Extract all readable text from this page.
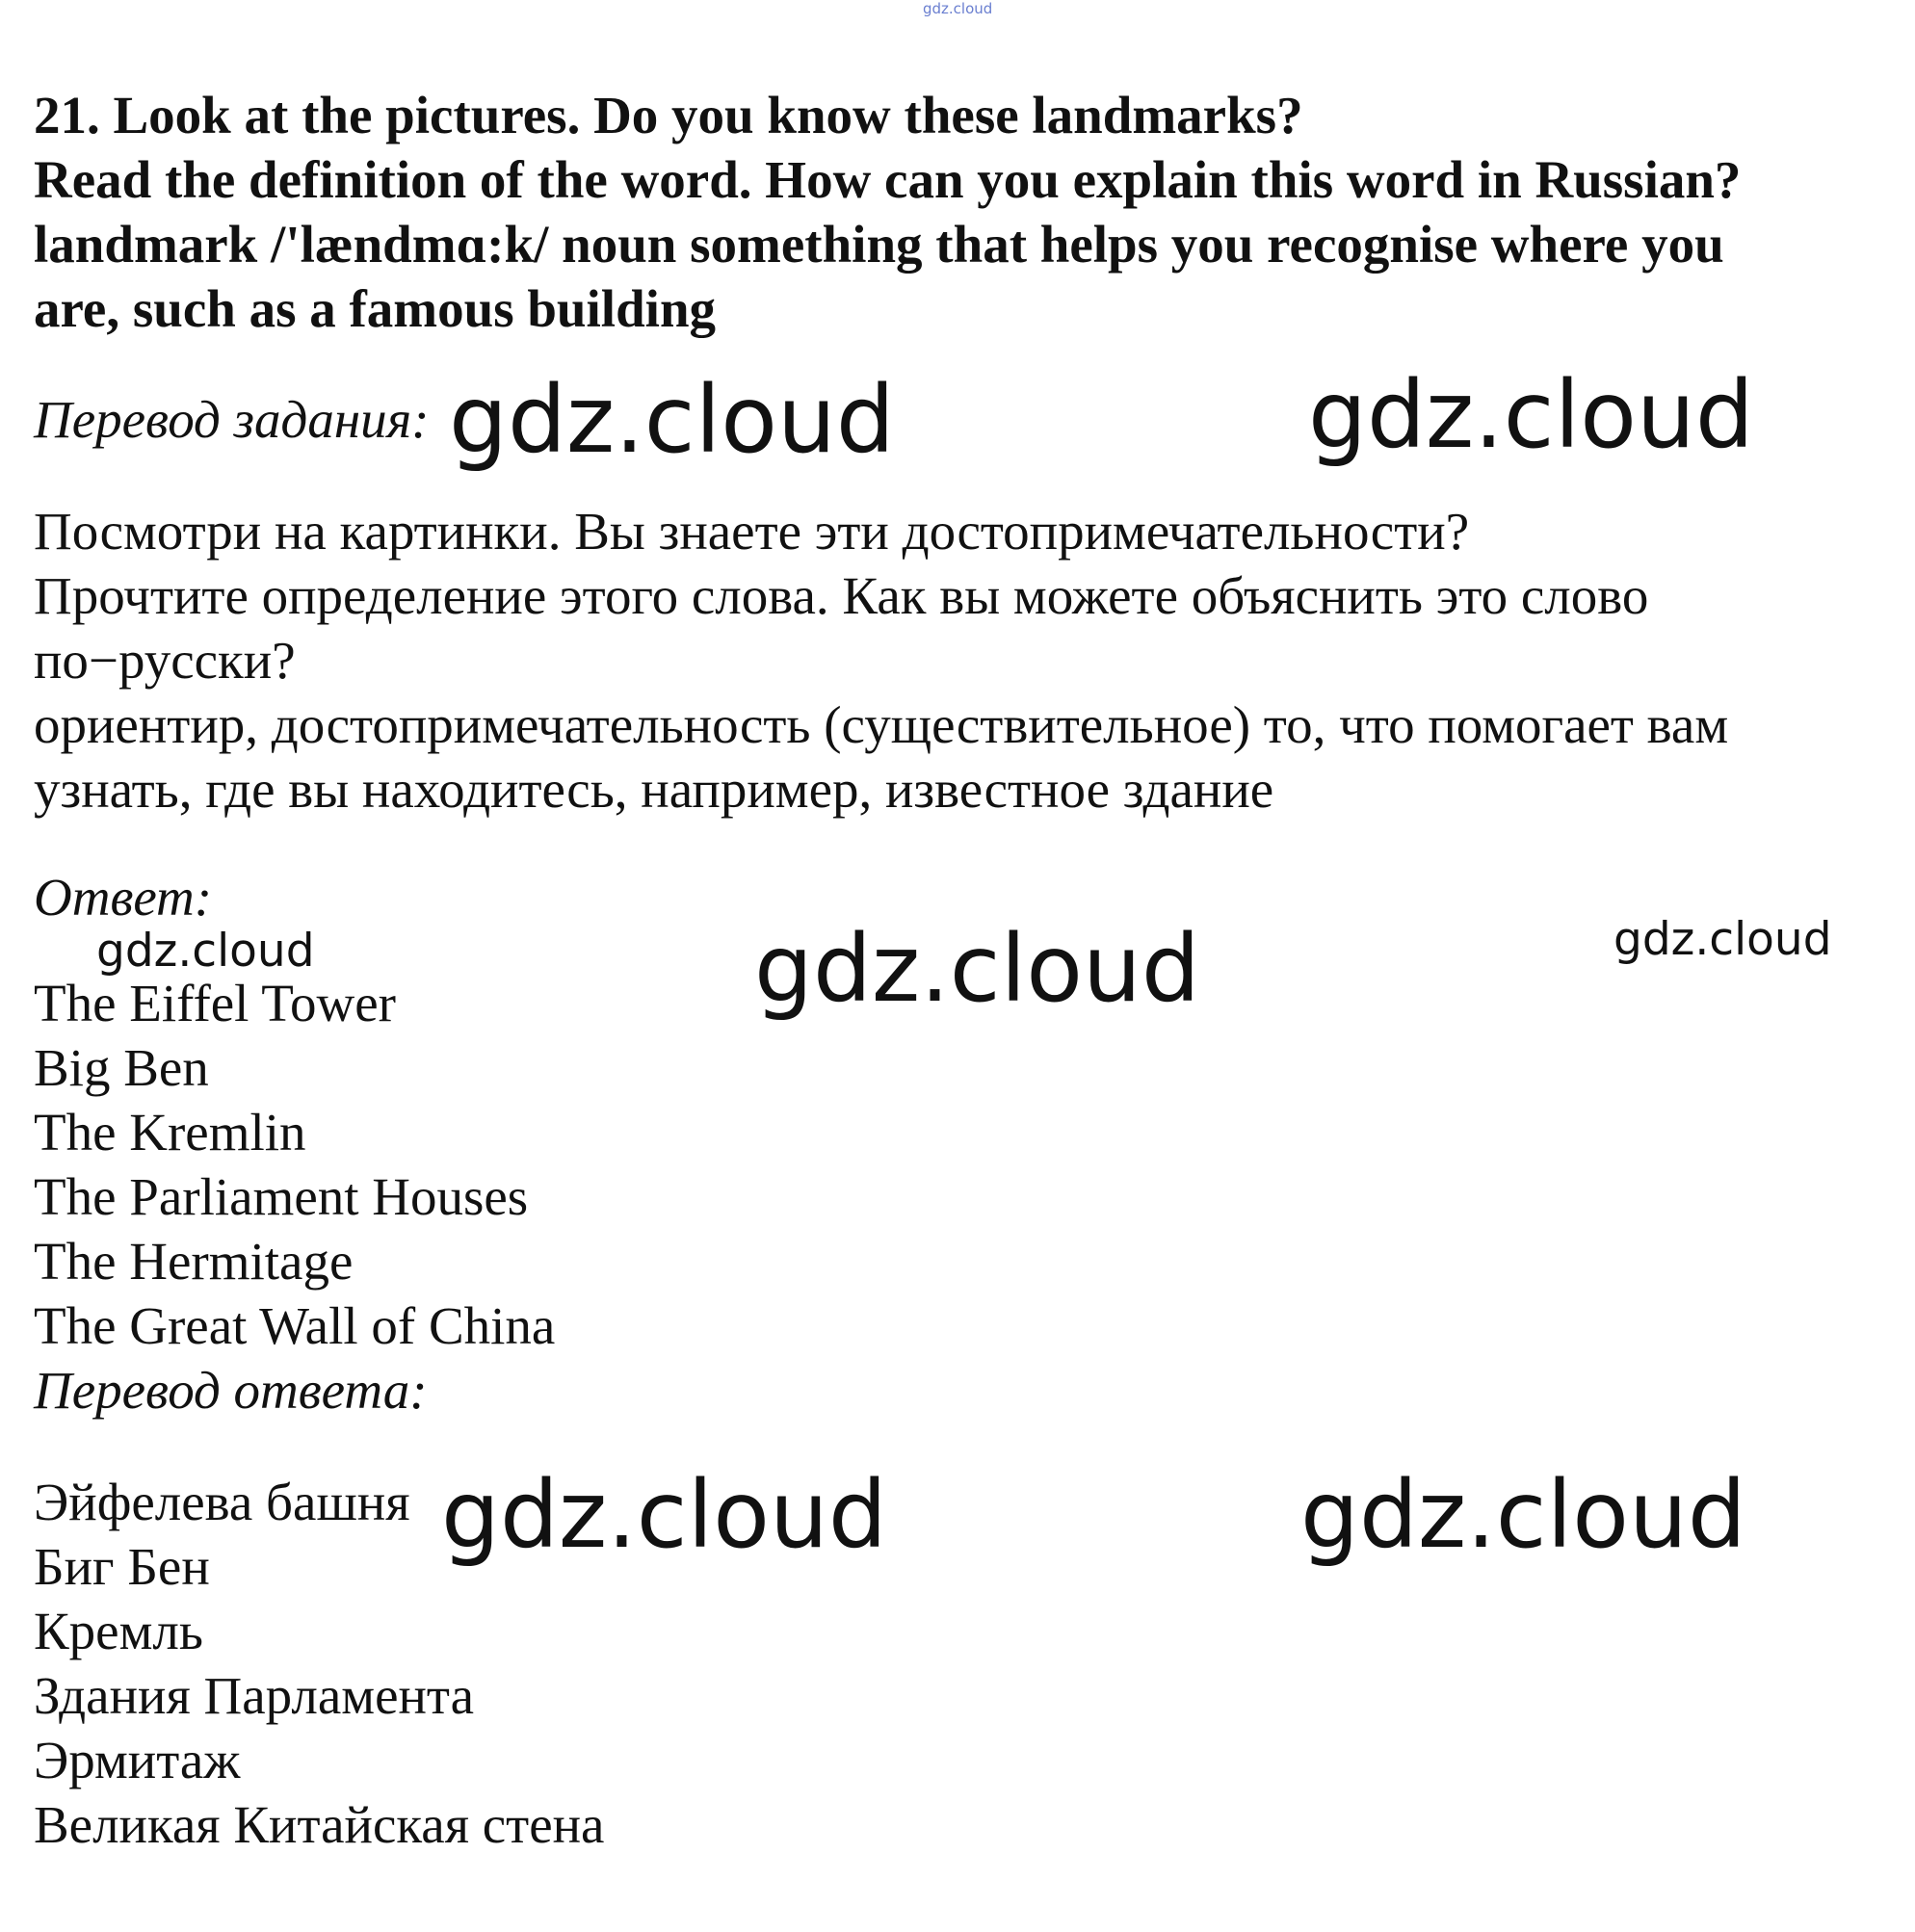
gdz.cloud
21. Look at the pictures. Do you know these landmarks?
Read the definition of the word. How can you explain this word in Russian?
landmark /'lændmɑ:k/ noun something that helps you recognise where you
are, such as a famous building
Перевод задания:
Посмотри на картинки. Вы знаете эти достопримечательности?
Прочтите определение этого слова. Как вы можете объяснить это слово
по−русски?
ориентир, достопримечательность (существительное) то, что помогает вам
узнать, где вы находитесь, например, известное здание
Ответ:
The Eiffel Tower
Big Ben
The Kremlin
The Parliament Houses
The Hermitage
The Great Wall of China
Перевод ответа:
Эйфелева башня
Биг Бен
Кремль
Здания Парламента
Эрмитаж
Великая Китайская стена
gdz.cloud	gdz.cloud
gdz.cloud	gdz.cloud	gdz.cloud
gdz.cloud	gdz.cloud
